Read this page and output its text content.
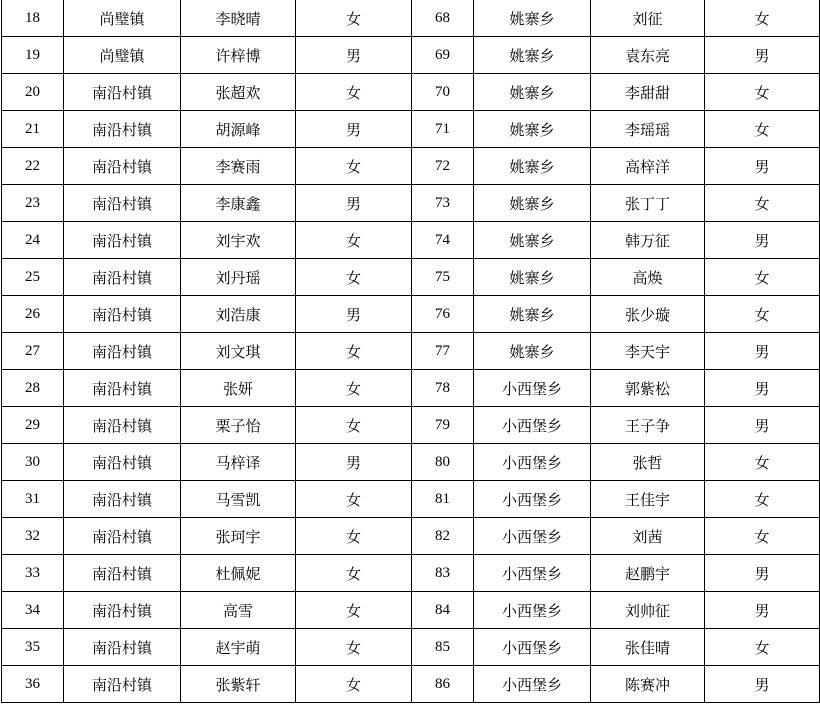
18	尚璧镇	李晓晴	女	68	姚寨乡	刘征	女
19	尚璧镇	许梓博	男	69	姚寨乡	袁东亮	男
20	南沿村镇	张超欢	女	70	姚寨乡	李甜甜	女
21	南沿村镇	胡源峰	男	71	姚寨乡	李瑶瑶	女
22	南沿村镇	李赛雨	女	72	姚寨乡	高梓洋	男
23	南沿村镇	李康鑫	男	73	姚寨乡	张丁丁	女
24	南沿村镇	刘宇欢	女	74	姚寨乡	韩万征	男
25	南沿村镇	刘丹瑶	女	75	姚寨乡	高焕	女
26	南沿村镇	刘浩康	男	76	姚寨乡	张少璇	女
27	南沿村镇	刘文琪	女	77	姚寨乡	李天宇	男
28	南沿村镇	张妍	女	78	小西堡乡	郭紫松	男
29	南沿村镇	栗子怡	女	79	小西堡乡	王子争	男
30	南沿村镇	马梓译	男	80	小西堡乡	张哲	女
31	南沿村镇	马雪凯	女	81	小西堡乡	王佳宇	女
32	南沿村镇	张珂宇	女	82	小西堡乡	刘茜	女
33	南沿村镇	杜佩妮	女	83	小西堡乡	赵鹏宇	男
34	南沿村镇	高雪	女	84	小西堡乡	刘帅征	男
35	南沿村镇	赵宇萌	女	85	小西堡乡	张佳晴	女
36	南沿村镇	张紫轩	女	86	小西堡乡	陈赛冲	男
